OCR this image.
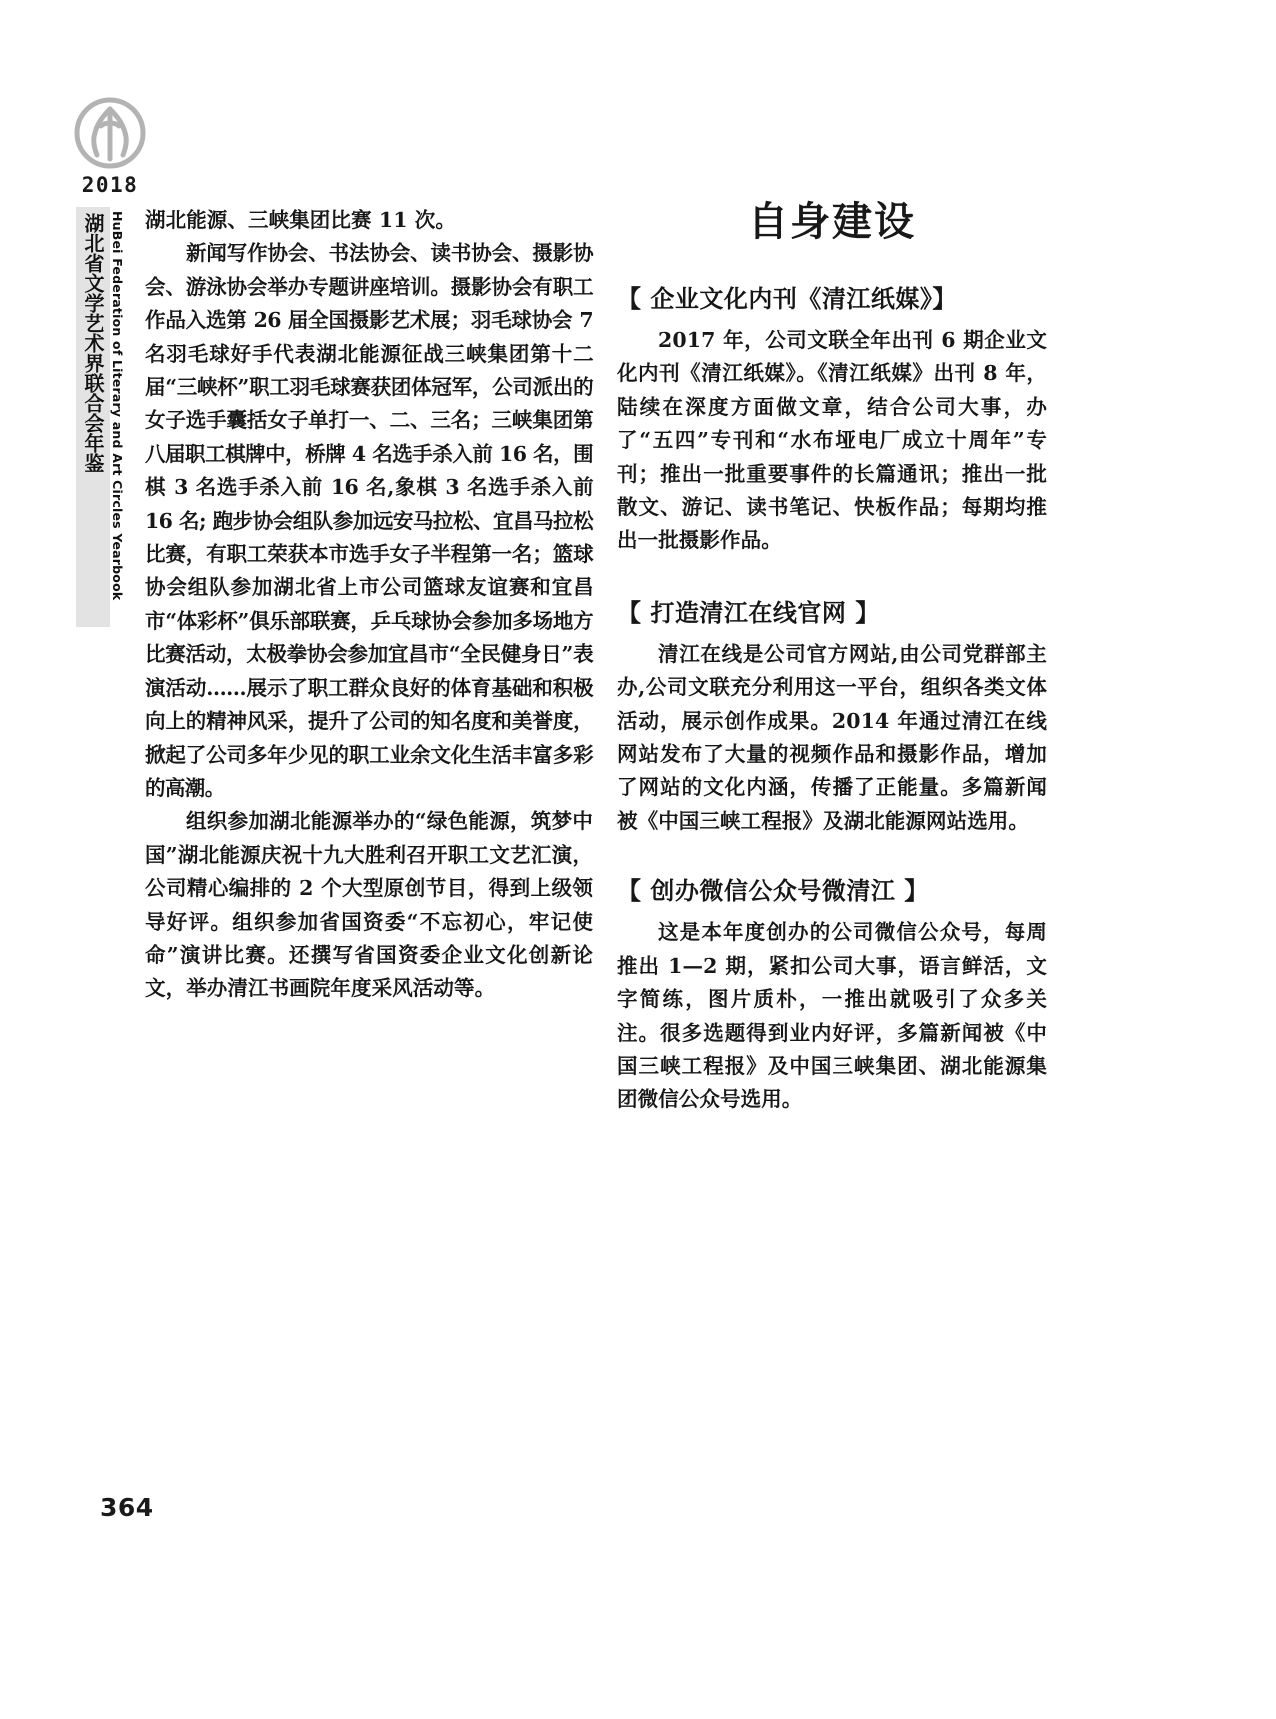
2018
湖北省文学艺术界联合会年鉴 HuBei Federation of Literary and Art Circles Yearbook 湖北能源、三峡集团比赛 11 次。

新闻写作协会、书法协会、读书协会、摄影协会、游泳协会举办专题讲座培训。摄影协会有职工作品入选第 26 届全国摄影艺术展；羽毛球协会 7 名羽毛球好手代表湖北能源征战三峡集团第十二届“三峡杯”职工羽毛球赛获团体冠军，公司派出的女子选手囊括女子单打一、二、三名；三峡集团第八届职工棋牌中，桥牌 4 名选手杀入前 16 名，围棋 3 名选手杀入前 16 名,象棋 3 名选手杀入前 16 名; 跑步协会组队参加远安马拉松、宜昌马拉松比赛，有职工荣获本市选手女子半程第一名；篮球协会组队参加湖北省上市公司篮球友谊赛和宜昌市“体彩杯”俱乐部联赛，乒乓球协会参加多场地方比赛活动，太极拳协会参加宜昌市“全民健身日”表演活动……展示了职工群众良好的体育基础和积极向上的精神风采，提升了公司的知名度和美誉度，掀起了公司多年少见的职工业余文化生活丰富多彩的高潮。

组织参加湖北能源举办的“绿色能源，筑梦中国”湖北能源庆祝十九大胜利召开职工文艺汇演，公司精心编排的 2 个大型原创节目，得到上级领导好评。组织参加省国资委“不忘初心，牢记使命”演讲比赛。还撰写省国资委企业文化创新论文，举办清江书画院年度采风活动等。

自身建设
【 企业文化内刊《清江纸媒》】

2017 年，公司文联全年出刊 6 期企业文化内刊《清江纸媒》。《清江纸媒》出刊 8 年，陆续在深度方面做文章，结合公司大事，办了“五四”专刊和“水布垭电厂成立十周年”专刊；推出一批重要事件的长篇通讯；推出一批散文、游记、读书笔记、快板作品；每期均推出一批摄影作品。

【 打造清江在线官网 】

清江在线是公司官方网站,由公司党群部主办,公司文联充分利用这一平台，组织各类文体活动，展示创作成果。2014 年通过清江在线网站发布了大量的视频作品和摄影作品，增加了网站的文化内涵，传播了正能量。多篇新闻被《中国三峡工程报》及湖北能源网站选用。

【 创办微信公众号微清江 】

这是本年度创办的公司微信公众号，每周推出 1—2 期，紧扣公司大事，语言鲜活，文字简练，图片质朴，一推出就吸引了众多关注。很多选题得到业内好评，多篇新闻被《中国三峡工程报》及中国三峡集团、湖北能源集团微信公众号选用。

364
